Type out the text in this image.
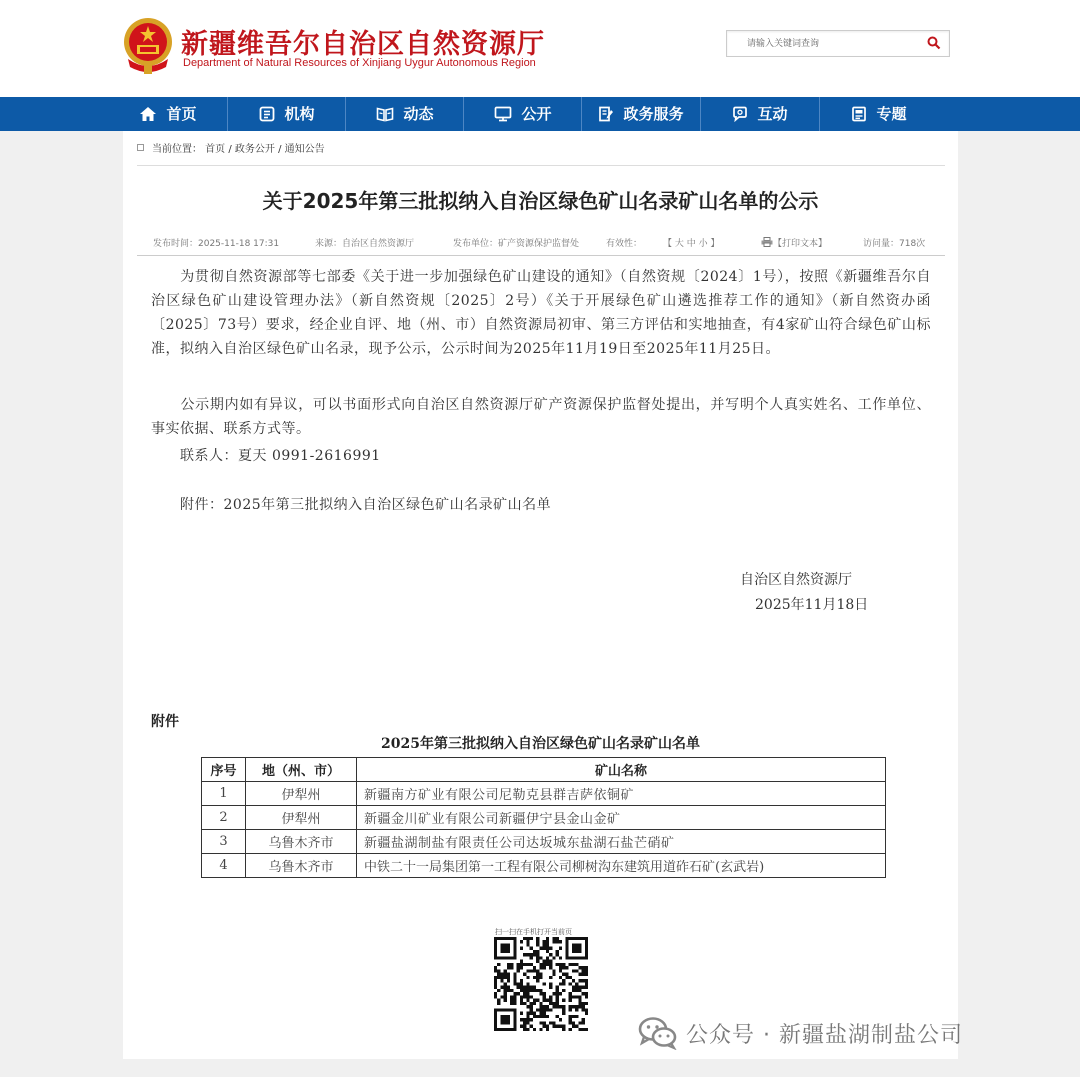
新疆维吾尔自治区自然资源厅
Department of Natural Resources of Xinjiang Uygur Autonomous Region
请输入关键词查询
首页	机构	动态	公开	政务服务	互动	专题
当前位置： 首页 / 政务公开 / 通知公告
关于2025年第三批拟纳入自治区绿色矿山名录矿山名单的公示
发布时间：2025-11-18 17:31	来源：自治区自然资源厅	发布单位：矿产资源保护监督处	有效性： 【 大 中 小 】	【打印文本】	访问量：718次
　　为贯彻自然资源部等七部委《关于进一步加强绿色矿山建设的通知》（自然资规〔2024〕1号），按照《新疆维吾尔自治区绿色矿山建设管理办法》（新自然资规〔2025〕2号）《关于开展绿色矿山遴选推荐工作的通知》（新自然资办函〔2025〕73号）要求，经企业自评、地（州、市）自然资源局初审、第三方评估和实地抽查，有4家矿山符合绿色矿山标准，拟纳入自治区绿色矿山名录，现予公示，公示时间为2025年11月19日至2025年11月25日。
　　公示期内如有异议，可以书面形式向自治区自然资源厅矿产资源保护监督处提出，并写明个人真实姓名、工作单位、事实依据、联系方式等。
　　联系人：夏天 0991-2616991
　　附件：2025年第三批拟纳入自治区绿色矿山名录矿山名单
自治区自然资源厅
2025年11月18日
附件
2025年第三批拟纳入自治区绿色矿山名录矿山名单
序号	地（州、市）	矿山名称
1	伊犁州	新疆南方矿业有限公司尼勒克县群吉萨依铜矿
2	伊犁州	新疆金川矿业有限公司新疆伊宁县金山金矿
3	乌鲁木齐市	新疆盐湖制盐有限责任公司达坂城东盐湖石盐芒硝矿
4	乌鲁木齐市	中铁二十一局集团第一工程有限公司柳树沟东建筑用道砟石矿(玄武岩)
扫一扫在手机打开当前页
公众号 · 新疆盐湖制盐公司
